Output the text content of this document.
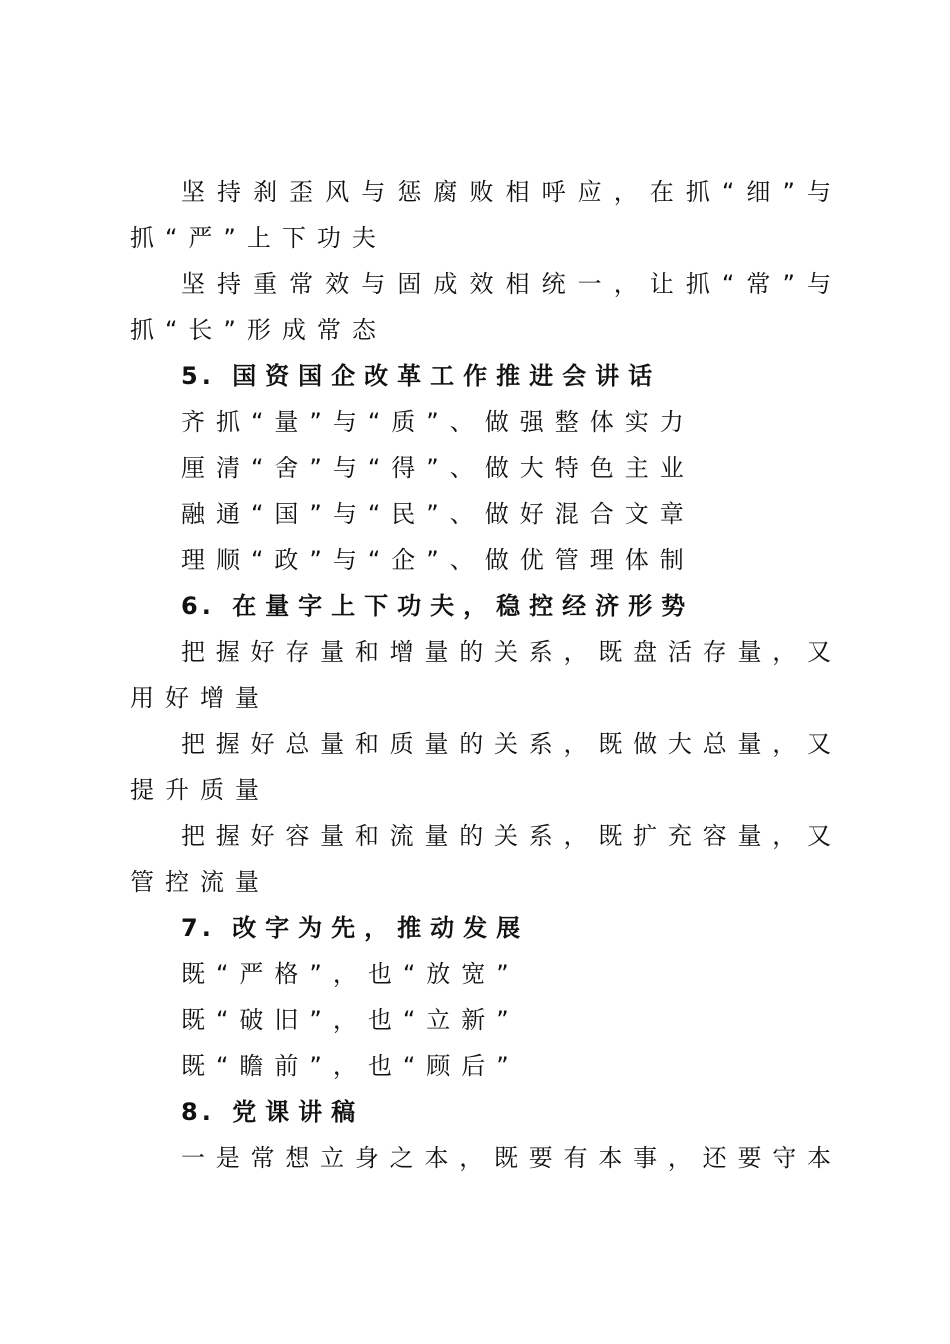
坚持刹歪风与惩腐败相呼应，在抓“细”与
抓“严”上下功夫
坚持重常效与固成效相统一，让抓“常”与
抓“长”形成常态
5. 国资国企改革工作推进会讲话
齐抓“量”与“质”、做强整体实力
厘清“舍”与“得”、做大特色主业
融通“国”与“民”、做好混合文章
理顺“政”与“企”、做优管理体制
6. 在量字上下功夫，稳控经济形势
把握好存量和增量的关系，既盘活存量，又
用好增量
把握好总量和质量的关系，既做大总量，又
提升质量
把握好容量和流量的关系，既扩充容量，又
管控流量
7. 改字为先，推动发展
既“严格”，也“放宽”
既“破旧”，也“立新”
既“瞻前”，也“顾后”
8. 党课讲稿
一是常想立身之本，既要有本事，还要守本
